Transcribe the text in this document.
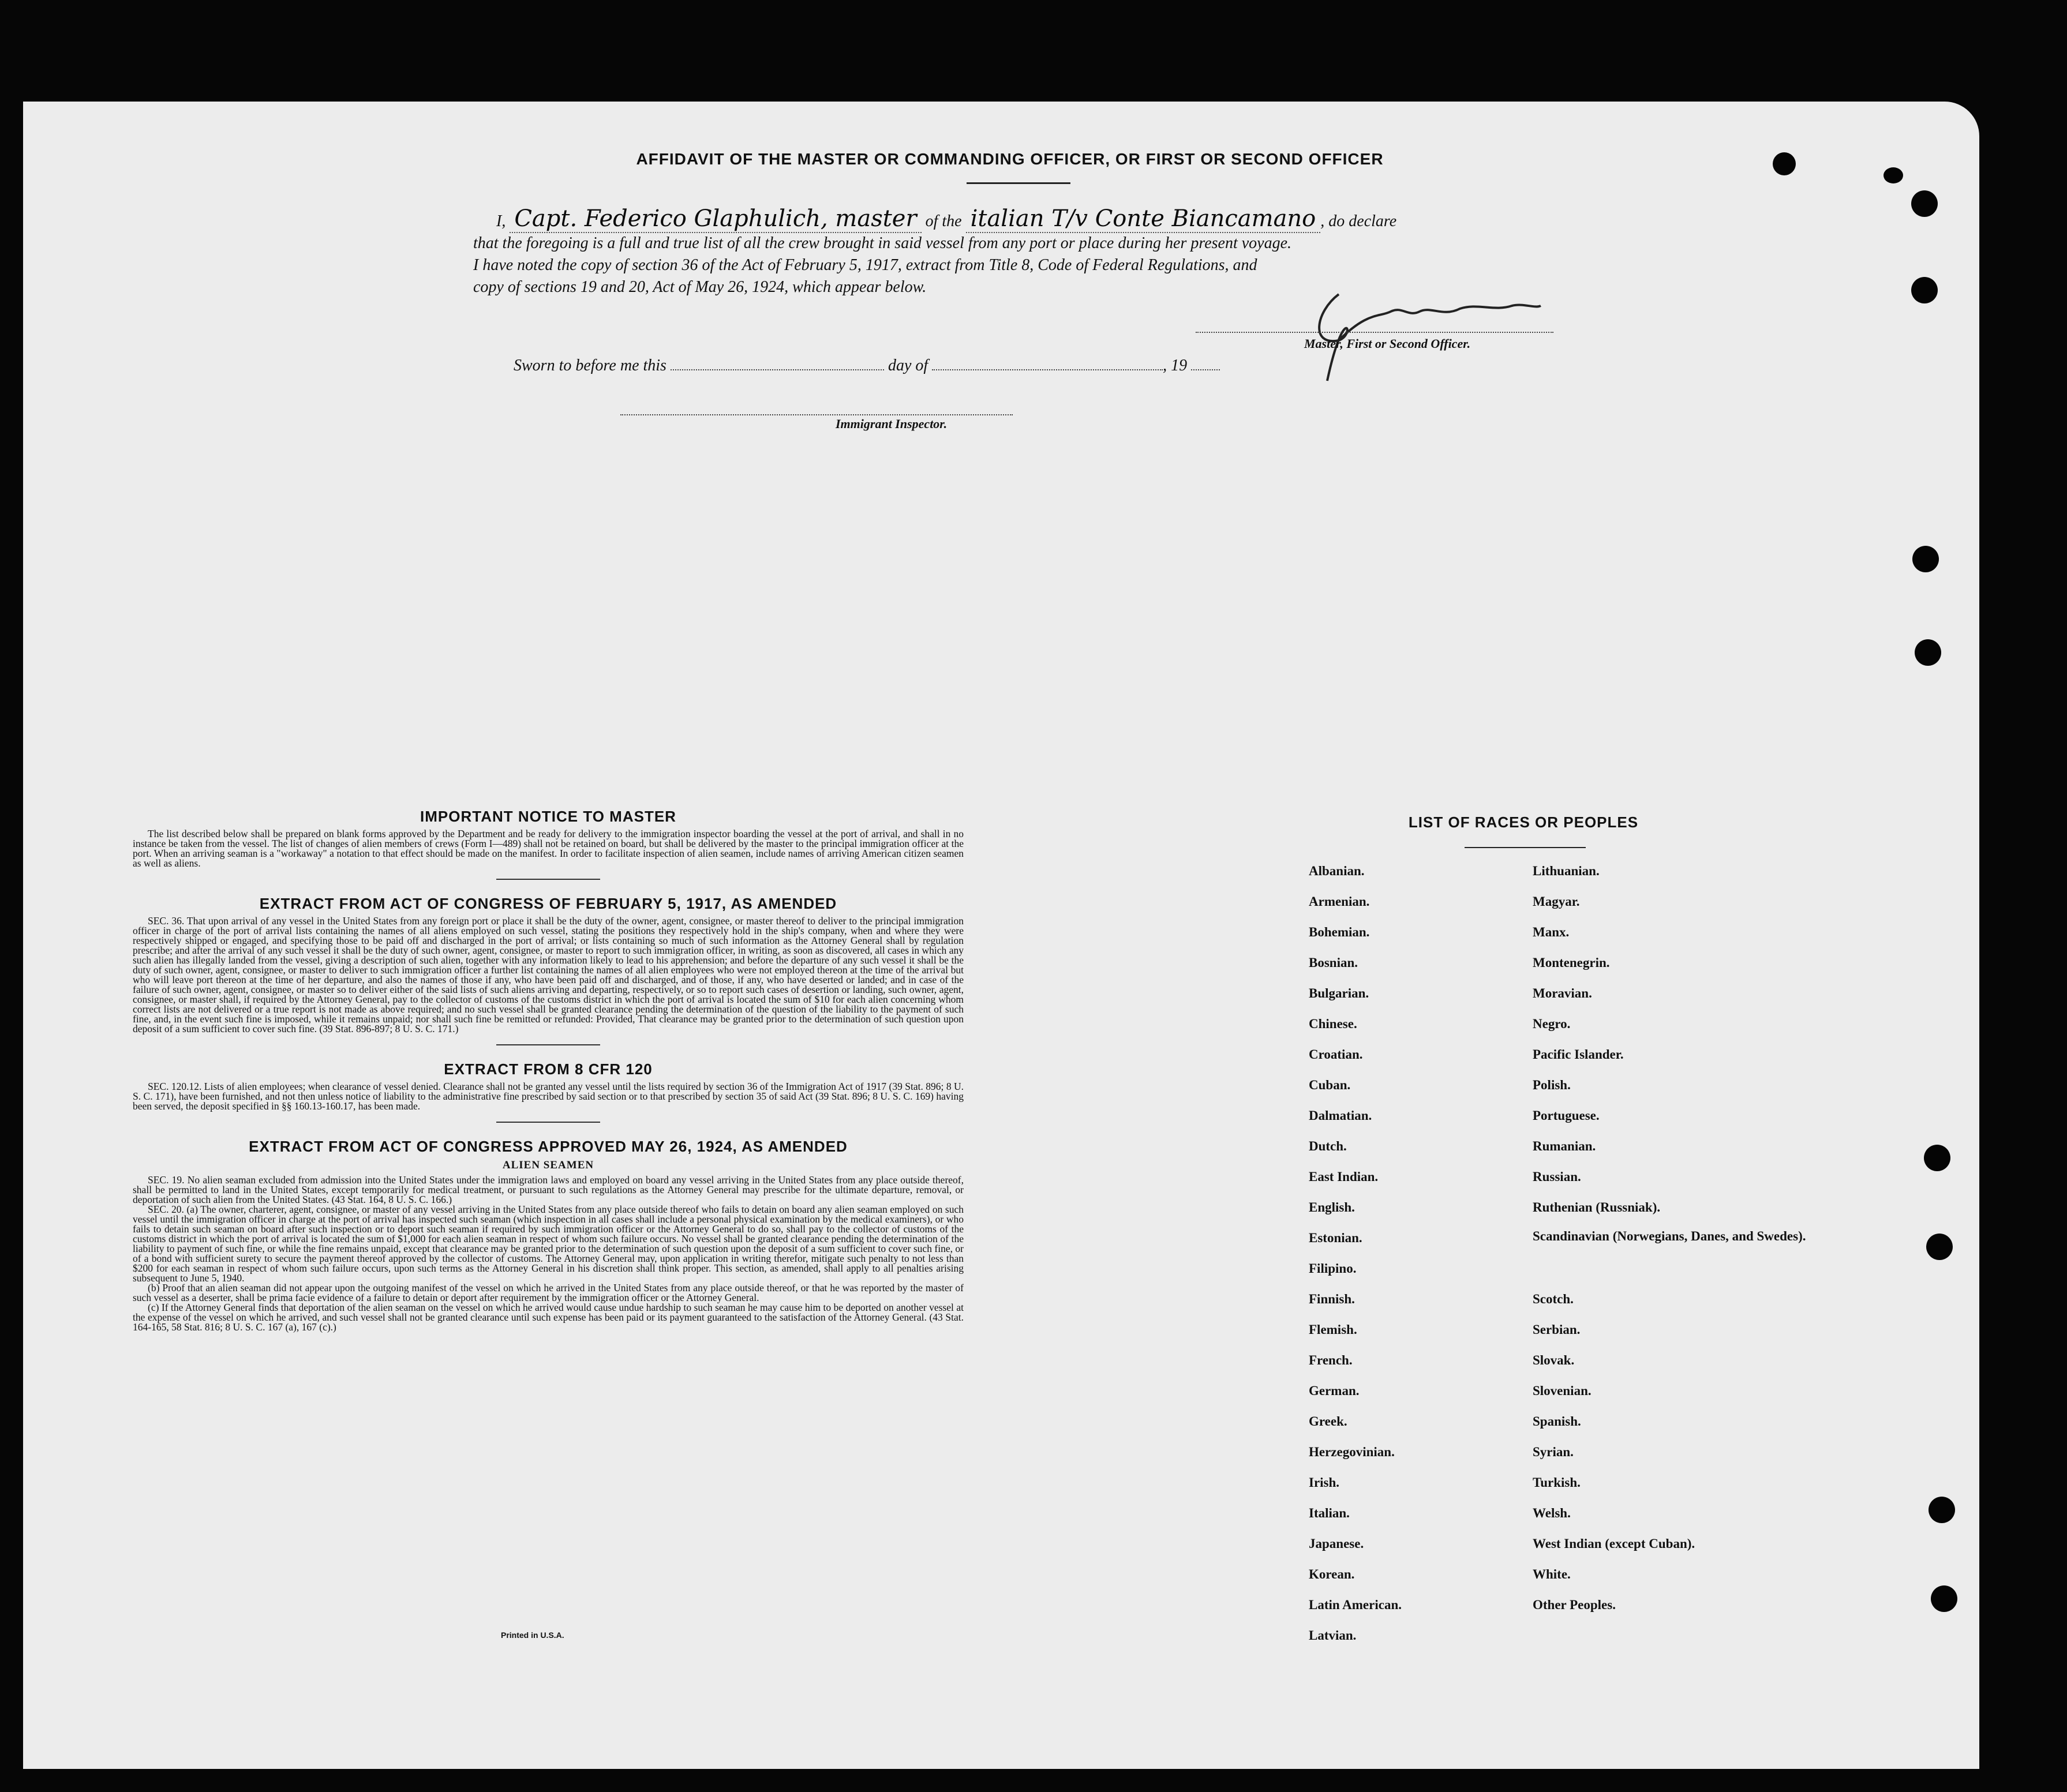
AFFIDAVIT OF THE MASTER OR COMMANDING OFFICER, OR FIRST OR SECOND OFFICER
I, Capt. Federico Glaphulich, master of the italian T/v Conte Biancamano , do declare
that the foregoing is a full and true list of all the crew brought in said vessel from any port or place during her present voyage.
I have noted the copy of section 36 of the Act of February 5, 1917, extract from Title 8, Code of Federal Regulations, and
copy of sections 19 and 20, Act of May 26, 1924, which appear below.
Master, First or Second Officer.
Sworn to before me this	day of	, 19
Immigrant Inspector.
IMPORTANT NOTICE TO MASTER

The list described below shall be prepared on blank forms approved by the Department and be ready for delivery to the immigration inspector boarding the vessel at the port of arrival, and shall in no instance be taken from the vessel. The list of changes of alien members of crews (Form I—489) shall not be retained on board, but shall be delivered by the master to the principal immigration officer at the port. When an arriving seaman is a "workaway" a notation to that effect should be made on the manifest. In order to facilitate inspection of alien seamen, include names of arriving American citizen seamen as well as aliens.

EXTRACT FROM ACT OF CONGRESS OF FEBRUARY 5, 1917, AS AMENDED

SEC. 36. That upon arrival of any vessel in the United States from any foreign port or place it shall be the duty of the owner, agent, consignee, or master thereof to deliver to the principal immigration officer in charge of the port of arrival lists containing the names of all aliens employed on such vessel, stating the positions they respectively hold in the ship's company, when and where they were respectively shipped or engaged, and specifying those to be paid off and discharged in the port of arrival; or lists containing so much of such information as the Attorney General shall by regulation prescribe; and after the arrival of any such vessel it shall be the duty of such owner, agent, consignee, or master to report to such immigration officer, in writing, as soon as discovered, all cases in which any such alien has illegally landed from the vessel, giving a description of such alien, together with any information likely to lead to his apprehension; and before the departure of any such vessel it shall be the duty of such owner, agent, consignee, or master to deliver to such immigration officer a further list containing the names of all alien employees who were not employed thereon at the time of the arrival but who will leave port thereon at the time of her departure, and also the names of those if any, who have been paid off and discharged, and of those, if any, who have deserted or landed; and in case of the failure of such owner, agent, consignee, or master so to deliver either of the said lists of such aliens arriving and departing, respectively, or so to report such cases of desertion or landing, such owner, agent, consignee, or master shall, if required by the Attorney General, pay to the collector of customs of the customs district in which the port of arrival is located the sum of $10 for each alien concerning whom correct lists are not delivered or a true report is not made as above required; and no such vessel shall be granted clearance pending the determination of the question of the liability to the payment of such fine, and, in the event such fine is imposed, while it remains unpaid; nor shall such fine be remitted or refunded: Provided, That clearance may be granted prior to the determination of such question upon deposit of a sum sufficient to cover such fine. (39 Stat. 896-897; 8 U. S. C. 171.)

EXTRACT FROM 8 CFR 120

SEC. 120.12. Lists of alien employees; when clearance of vessel denied. Clearance shall not be granted any vessel until the lists required by section 36 of the Immigration Act of 1917 (39 Stat. 896; 8 U. S. C. 171), have been furnished, and not then unless notice of liability to the administrative fine prescribed by said section or to that prescribed by section 35 of said Act (39 Stat. 896; 8 U. S. C. 169) having been served, the deposit specified in §§ 160.13-160.17, has been made.

EXTRACT FROM ACT OF CONGRESS APPROVED MAY 26, 1924, AS AMENDED
ALIEN SEAMEN

SEC. 19. No alien seaman excluded from admission into the United States under the immigration laws and employed on board any vessel arriving in the United States from any place outside thereof, shall be permitted to land in the United States, except temporarily for medical treatment, or pursuant to such regulations as the Attorney General may prescribe for the ultimate departure, removal, or deportation of such alien from the United States. (43 Stat. 164, 8 U. S. C. 166.)

SEC. 20. (a) The owner, charterer, agent, consignee, or master of any vessel arriving in the United States from any place outside thereof who fails to detain on board any alien seaman employed on such vessel until the immigration officer in charge at the port of arrival has inspected such seaman (which inspection in all cases shall include a personal physical examination by the medical examiners), or who fails to detain such seaman on board after such inspection or to deport such seaman if required by such immigration officer or the Attorney General to do so, shall pay to the collector of customs of the customs district in which the port of arrival is located the sum of $1,000 for each alien seaman in respect of whom such failure occurs. No vessel shall be granted clearance pending the determination of the liability to payment of such fine, or while the fine remains unpaid, except that clearance may be granted prior to the determination of such question upon the deposit of a sum sufficient to cover such fine, or of a bond with sufficient surety to secure the payment thereof approved by the collector of customs. The Attorney General may, upon application in writing therefor, mitigate such penalty to not less than $200 for each seaman in respect of whom such failure occurs, upon such terms as the Attorney General in his discretion shall think proper. This section, as amended, shall apply to all penalties arising subsequent to June 5, 1940.

(b) Proof that an alien seaman did not appear upon the outgoing manifest of the vessel on which he arrived in the United States from any place outside thereof, or that he was reported by the master of such vessel as a deserter, shall be prima facie evidence of a failure to detain or deport after requirement by the immigration officer or the Attorney General.

(c) If the Attorney General finds that deportation of the alien seaman on the vessel on which he arrived would cause undue hardship to such seaman he may cause him to be deported on another vessel at the expense of the vessel on which he arrived, and such vessel shall not be granted clearance until such expense has been paid or its payment guaranteed to the satisfaction of the Attorney General. (43 Stat. 164-165, 58 Stat. 816; 8 U. S. C. 167 (a), 167 (c).)

Printed in U.S.A.
LIST OF RACES OR PEOPLES
Albanian.
Armenian.
Bohemian.
Bosnian.
Bulgarian.
Chinese.
Croatian.
Cuban.
Dalmatian.
Dutch.
East Indian.
English.
Estonian.
Filipino.
Finnish.
Flemish.
French.
German.
Greek.
Herzegovinian.
Irish.
Italian.
Japanese.
Korean.
Latin American.
Latvian.
Lithuanian.
Magyar.
Manx.
Montenegrin.
Moravian.
Negro.
Pacific Islander.
Polish.
Portuguese.
Rumanian.
Russian.
Ruthenian (Russniak).
Scandinavian (Norwegians, Danes, and Swedes).
Scotch.
Serbian.
Slovak.
Slovenian.
Spanish.
Syrian.
Turkish.
Welsh.
West Indian (except Cuban).
White.
Other Peoples.
